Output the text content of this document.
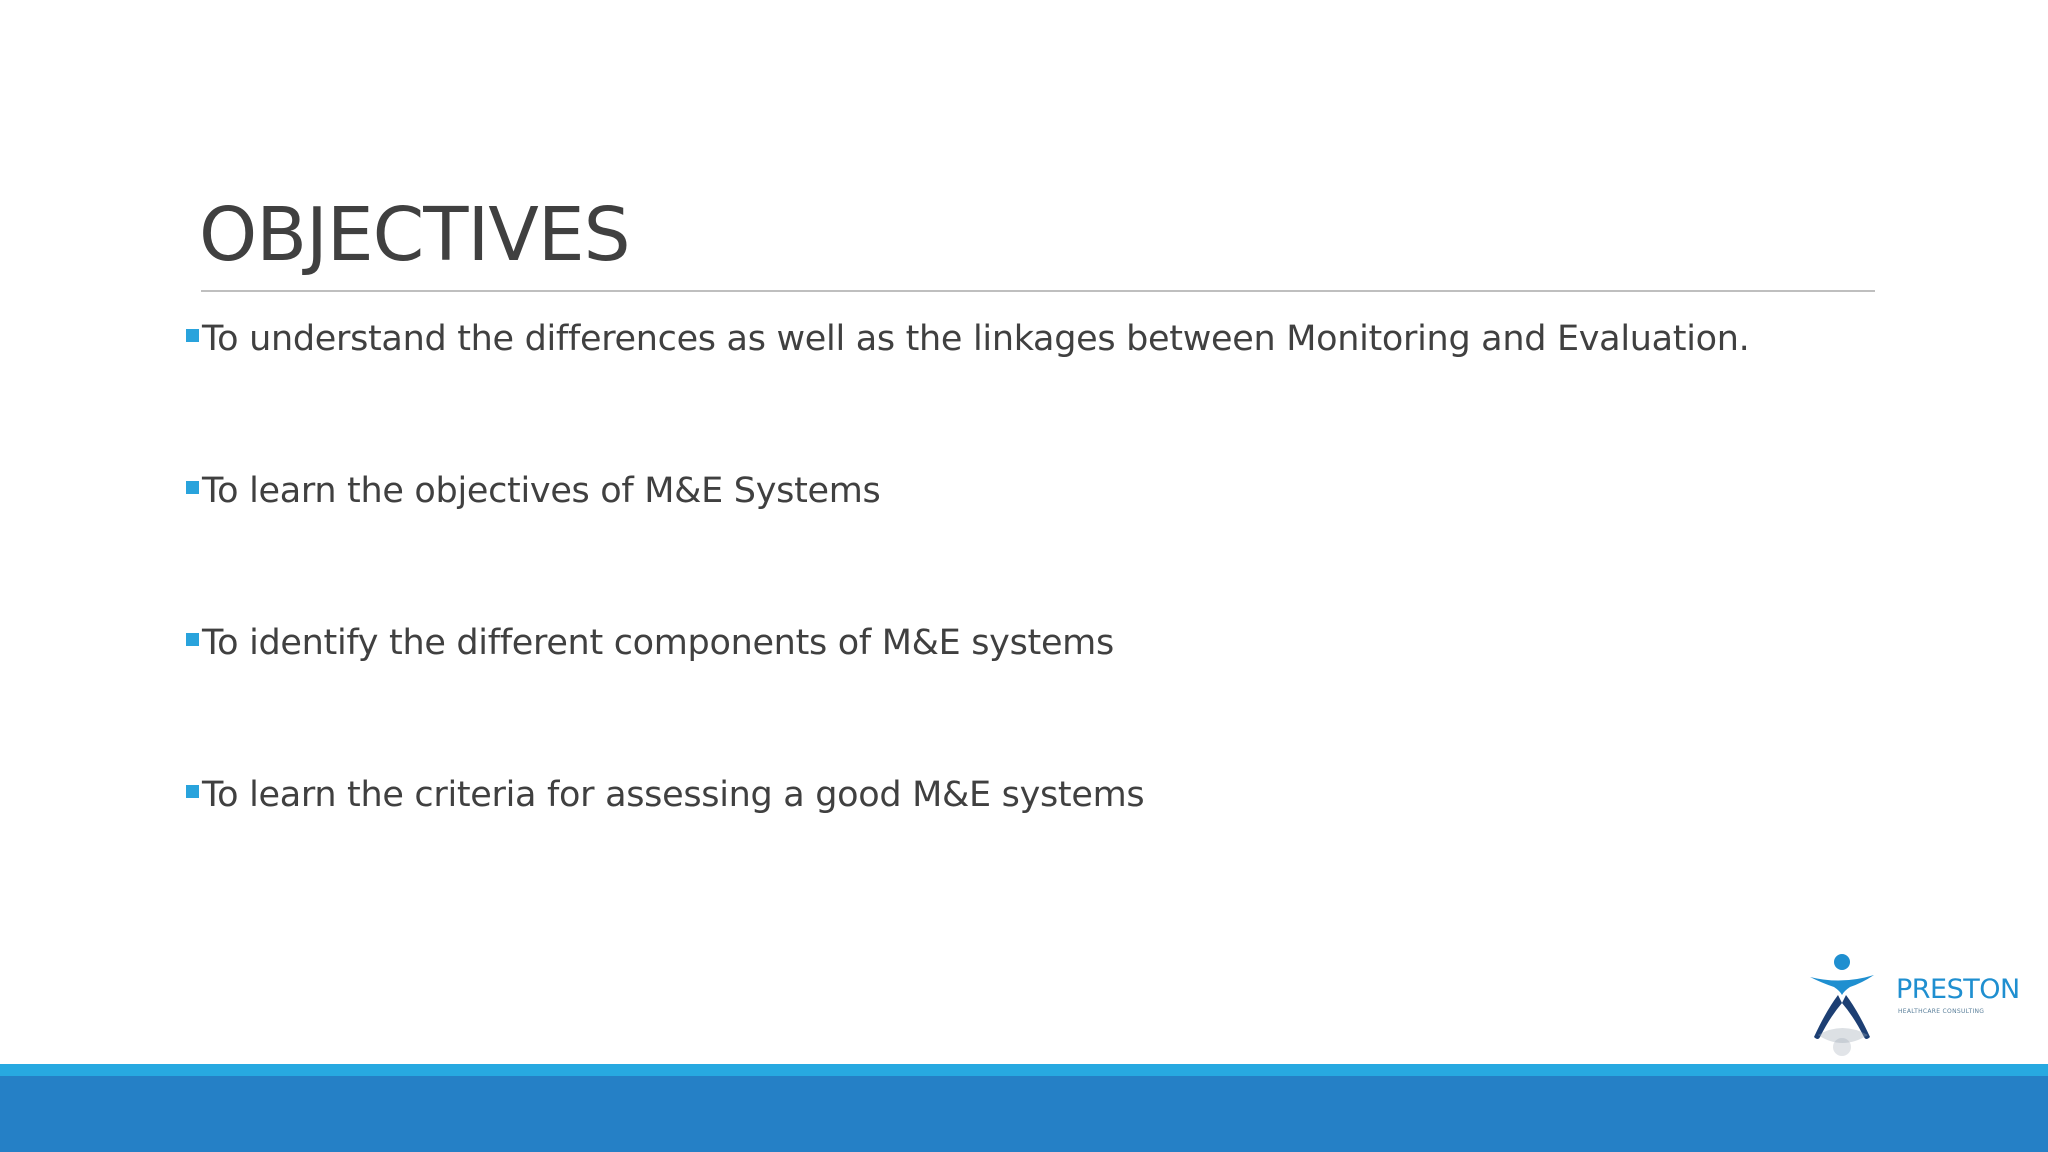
OBJECTIVES
To understand the differences as well as the linkages between Monitoring and Evaluation.
To learn the objectives of M&E Systems
To identify the different components of M&E systems
To learn the criteria for assessing a good M&E systems
PRESTON
HEALTHCARE CONSULTING
